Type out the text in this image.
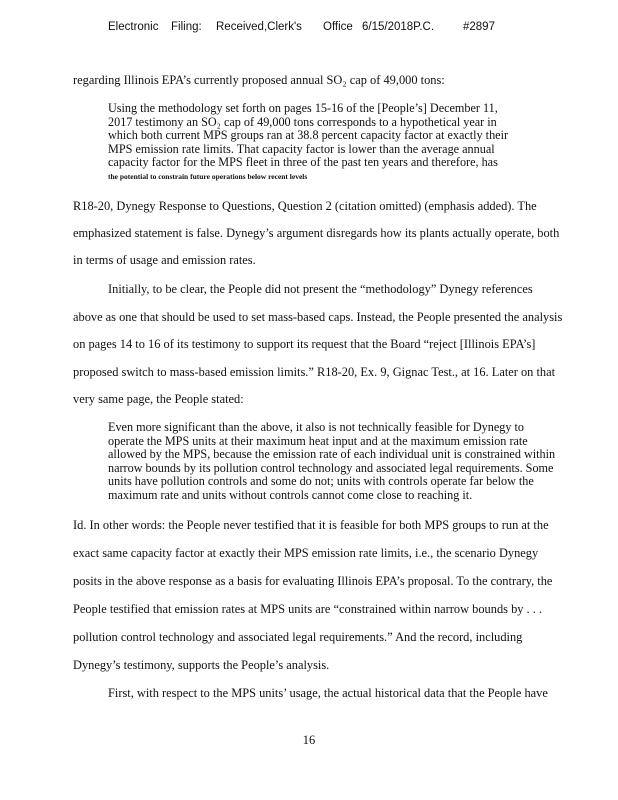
Electronic Filing: Received,Clerk's Office 6/15/2018P.C.	#2897
regarding Illinois EPA’s currently proposed annual SO₂ cap of 49,000 tons:
Using the methodology set forth on pages 15-16 of the [People’s] December 11,
2017 testimony an SO₂ cap of 49,000 tons corresponds to a hypothetical year in
which both current MPS groups ran at 38.8 percent capacity factor at exactly their
MPS emission rate limits. That capacity factor is lower than the average annual
capacity factor for the MPS fleet in three of the past ten years and therefore, has
the potential to constrain future operations below recent levels
R18-20, Dynegy Response to Questions, Question 2 (citation omitted) (emphasis added). The
emphasized statement is false. Dynegy’s argument disregards how its plants actually operate, both
in terms of usage and emission rates.
Initially, to be clear, the People did not present the “methodology” Dynegy references
above as one that should be used to set mass-based caps. Instead, the People presented the analysis
on pages 14 to 16 of its testimony to support its request that the Board “reject [Illinois EPA’s]
proposed switch to mass-based emission limits.” R18-20, Ex. 9, Gignac Test., at 16. Later on that
very same page, the People stated:
Even more significant than the above, it also is not technically feasible for Dynegy to
operate the MPS units at their maximum heat input and at the maximum emission rate
allowed by the MPS, because the emission rate of each individual unit is constrained within
narrow bounds by its pollution control technology and associated legal requirements. Some
units have pollution controls and some do not; units with controls operate far below the
maximum rate and units without controls cannot come close to reaching it.
Id. In other words: the People never testified that it is feasible for both MPS groups to run at the
exact same capacity factor at exactly their MPS emission rate limits, i.e., the scenario Dynegy
posits in the above response as a basis for evaluating Illinois EPA’s proposal. To the contrary, the
People testified that emission rates at MPS units are “constrained within narrow bounds by . . .
pollution control technology and associated legal requirements.” And the record, including
Dynegy’s testimony, supports the People’s analysis.
First, with respect to the MPS units’ usage, the actual historical data that the People have
16
